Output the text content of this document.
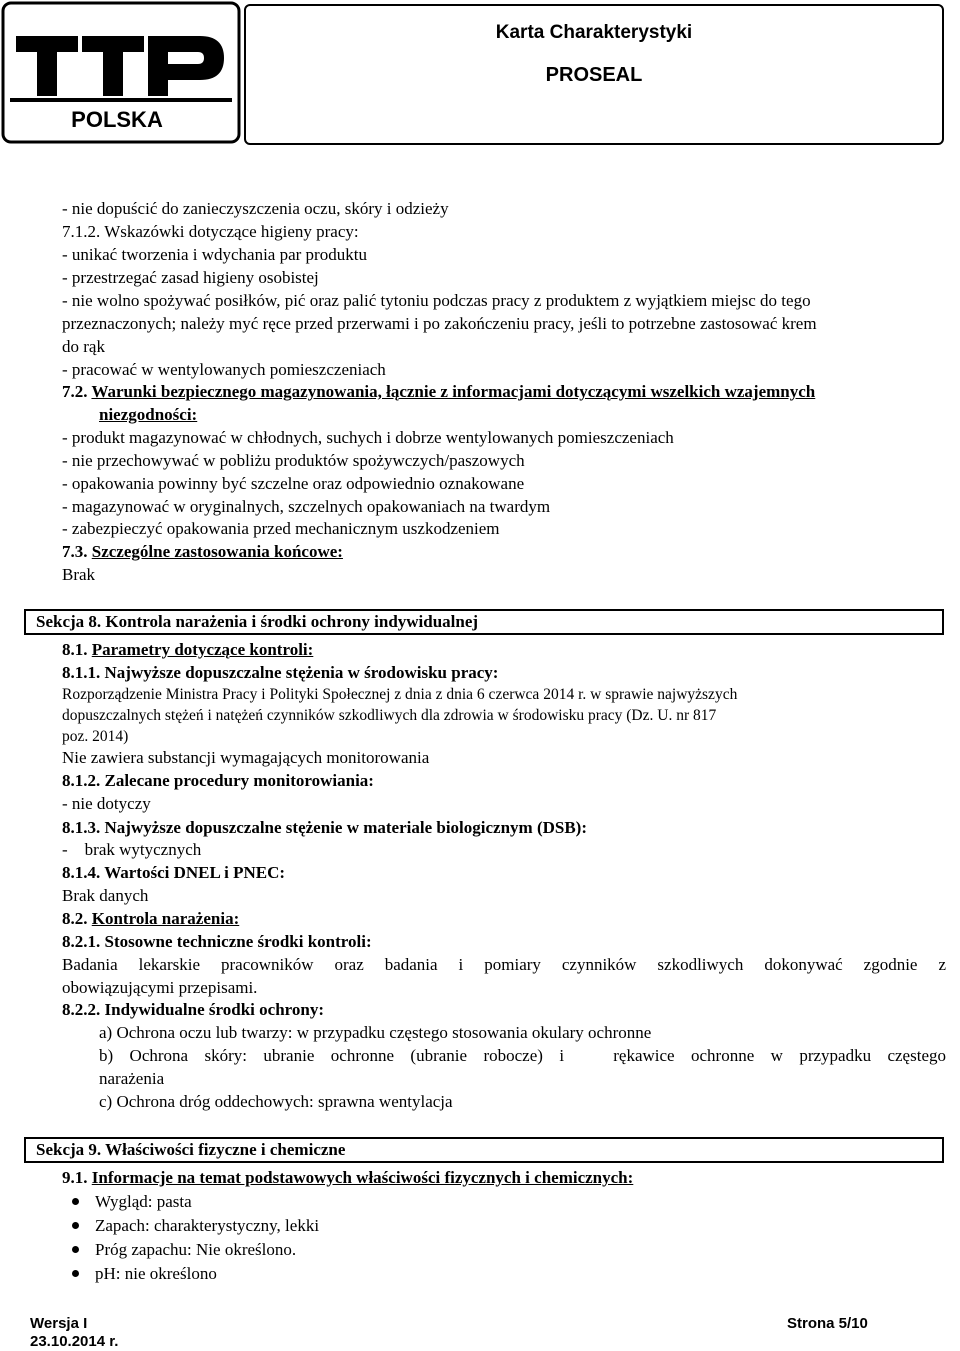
POLSKA
Karta Charakterystyki
PROSEAL
- nie dopuścić do zanieczyszczenia oczu, skóry i odzieży
7.1.2. Wskazówki dotyczące higieny pracy:
- unikać tworzenia i wdychania par produktu
- przestrzegać zasad higieny osobistej
- nie wolno spożywać posiłków, pić oraz palić tytoniu podczas pracy z produktem z wyjątkiem miejsc do tego
przeznaczonych; należy myć ręce przed przerwami i po zakończeniu pracy, jeśli to potrzebne zastosować krem
do rąk
- pracować w wentylowanych pomieszczeniach
7.2. Warunki bezpiecznego magazynowania, łącznie z informacjami dotyczącymi wszelkich wzajemnych
niezgodności:
- produkt magazynować w chłodnych, suchych i dobrze wentylowanych pomieszczeniach
- nie przechowywać w pobliżu produktów spożywczych/paszowych
- opakowania powinny być szczelne oraz odpowiednio oznakowane
- magazynować w oryginalnych, szczelnych opakowaniach na twardym
- zabezpieczyć opakowania przed mechanicznym uszkodzeniem
7.3. Szczególne zastosowania końcowe:
Brak
Sekcja 8. Kontrola narażenia i środki ochrony indywidualnej
8.1. Parametry dotyczące kontroli:
8.1.1. Najwyższe dopuszczalne stężenia w środowisku pracy:
Rozporządzenie Ministra Pracy i Polityki Społecznej z dnia z dnia 6 czerwca 2014 r. w sprawie najwyższych
dopuszczalnych stężeń i natężeń czynników szkodliwych dla zdrowia w środowisku pracy (Dz. U. nr 817
poz. 2014)
Nie zawiera substancji wymagających monitorowania
8.1.2. Zalecane procedury monitorowiania:
- nie dotyczy
8.1.3. Najwyższe dopuszczalne stężenie w materiale biologicznym (DSB):
-    brak wytycznych
8.1.4. Wartości DNEL i PNEC:
Brak danych
8.2. Kontrola narażenia:
8.2.1. Stosowne techniczne środki kontroli:
Badania lekarskie pracowników oraz badania i pomiary czynników szkodliwych dokonywać zgodnie z
obowiązującymi przepisami.
8.2.2. Indywidualne środki ochrony:
a) Ochrona oczu lub twarzy: w przypadku częstego stosowania okulary ochronne
b) Ochrona skóry: ubranie ochronne (ubranie robocze) i   rękawice ochronne w przypadku częstego
narażenia
c) Ochrona dróg oddechowych: sprawna wentylacja
Sekcja 9. Właściwości fizyczne i chemiczne
9.1. Informacje na temat podstawowych właściwości fizycznych i chemicznych:
Wygląd: pasta
Zapach: charakterystyczny, lekki
Próg zapachu: Nie określono.
pH: nie określono
Wersja I
23.10.2014 r.
Strona 5/10
